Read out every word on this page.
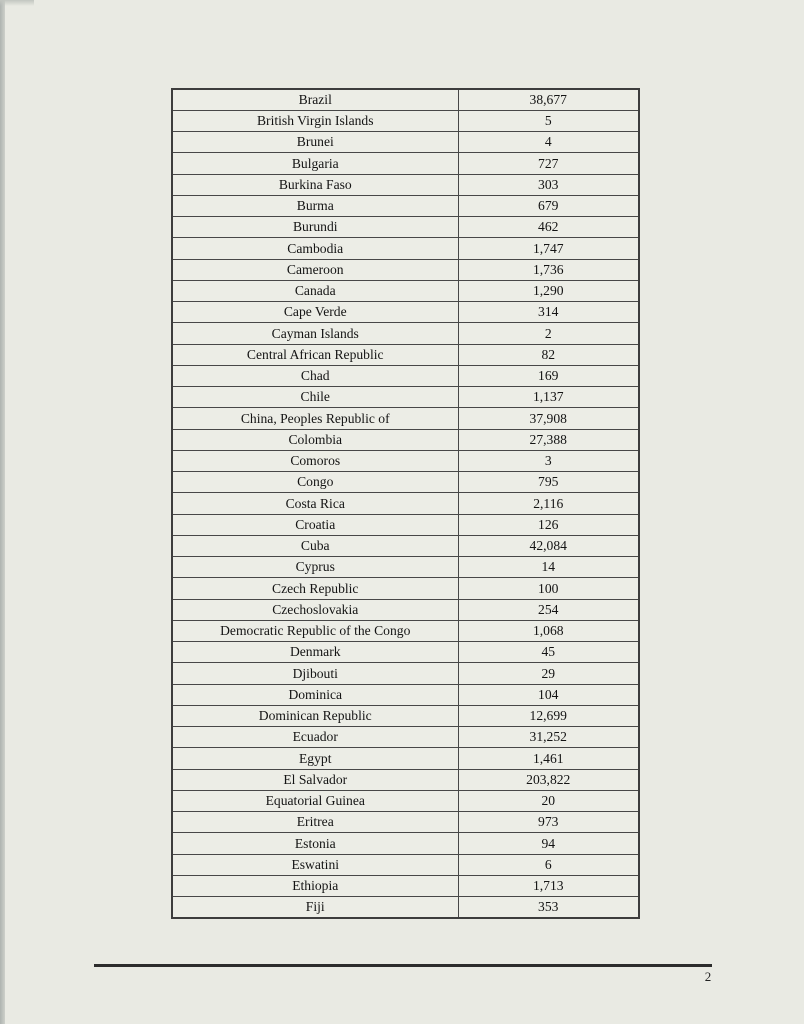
Brazil	38,677
British Virgin Islands	5
Brunei	4
Bulgaria	727
Burkina Faso	303
Burma	679
Burundi	462
Cambodia	1,747
Cameroon	1,736
Canada	1,290
Cape Verde	314
Cayman Islands	2
Central African Republic	82
Chad	169
Chile	1,137
China, Peoples Republic of	37,908
Colombia	27,388
Comoros	3
Congo	795
Costa Rica	2,116
Croatia	126
Cuba	42,084
Cyprus	14
Czech Republic	100
Czechoslovakia	254
Democratic Republic of the Congo	1,068
Denmark	45
Djibouti	29
Dominica	104
Dominican Republic	12,699
Ecuador	31,252
Egypt	1,461
El Salvador	203,822
Equatorial Guinea	20
Eritrea	973
Estonia	94
Eswatini	6
Ethiopia	1,713
Fiji	353
2
